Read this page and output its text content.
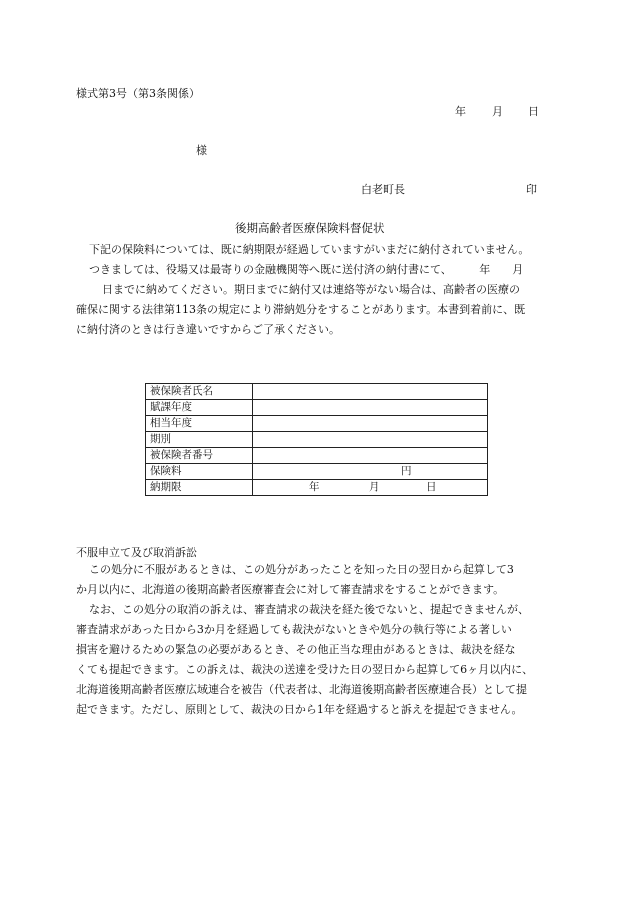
様式第3号（第3条関係）
年 月 日
様
白老町長	印
後期高齢者医療保険料督促状
下記の保険料については、既に納期限が経過していますがいまだに納付されていません。
つきましては、役場又は最寄りの金融機関等へ既に送付済の納付書にて、　　　年　　月
日までに納めてください。期日までに納付又は連絡等がない場合は、高齢者の医療の
確保に関する法律第113条の規定により滞納処分をすることがあります。本書到着前に、既
に納付済のときは行き違いですからご了承ください。
被保険者氏名	
賦課年度	
相当年度	
期別	
被保険者番号	
保険料	円

納期限	年 月 日
不服申立て及び取消訴訟
この処分に不服があるときは、この処分があったことを知った日の翌日から起算して3
か月以内に、北海道の後期高齢者医療審査会に対して審査請求をすることができます。
なお、この処分の取消の訴えは、審査請求の裁決を経た後でないと、提起できませんが、
審査請求があった日から3か月を経過しても裁決がないときや処分の執行等による著しい
損害を避けるための緊急の必要があるとき、その他正当な理由があるときは、裁決を経な
くても提起できます。この訴えは、裁決の送達を受けた日の翌日から起算して6ヶ月以内に、
北海道後期高齢者医療広域連合を被告（代表者は、北海道後期高齢者医療連合長）として提
起できます。ただし、原則として、裁決の日から1年を経過すると訴えを提起できません。
